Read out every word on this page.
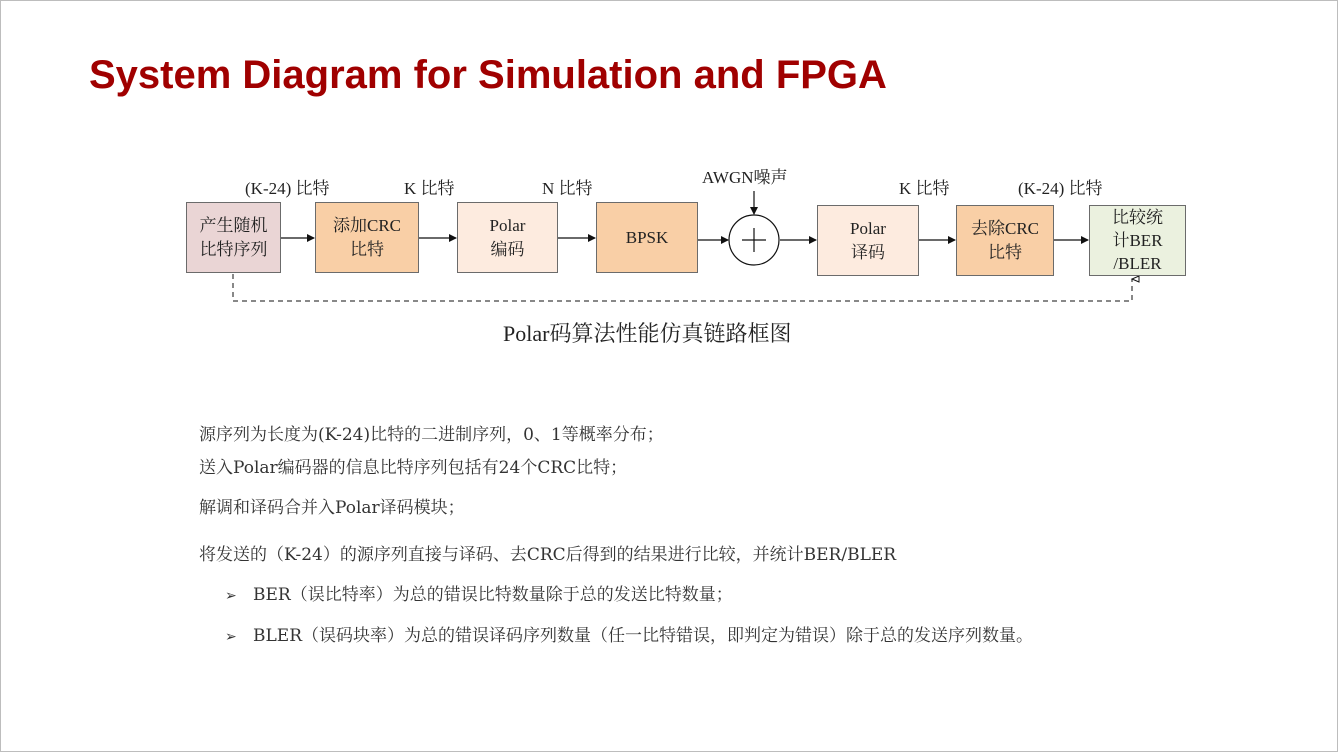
System Diagram for Simulation and FPGA
产生随机
比特序列
添加CRC
比特
Polar
编码
BPSK	Polar
译码
去除CRC
比特
比较统
计BER
/BLER
(K-24) 比特	K 比特	N 比特
AWGN噪声
K 比特	(K-24) 比特
Polar码算法性能仿真链路框图

源序列为长度为(K-24)比特的二进制序列，0、1等概率分布；

送入Polar编码器的信息比特序列包括有24个CRC比特；

解调和译码合并入Polar译码模块；

将发送的（K-24）的源序列直接与译码、去CRC后得到的结果进行比较，并统计BER/BLER

➢ BER（误比特率）为总的错误比特数量除于总的发送比特数量；

➢ BLER（误码块率）为总的错误译码序列数量（任一比特错误，即判定为错误）除于总的发送序列数量。
